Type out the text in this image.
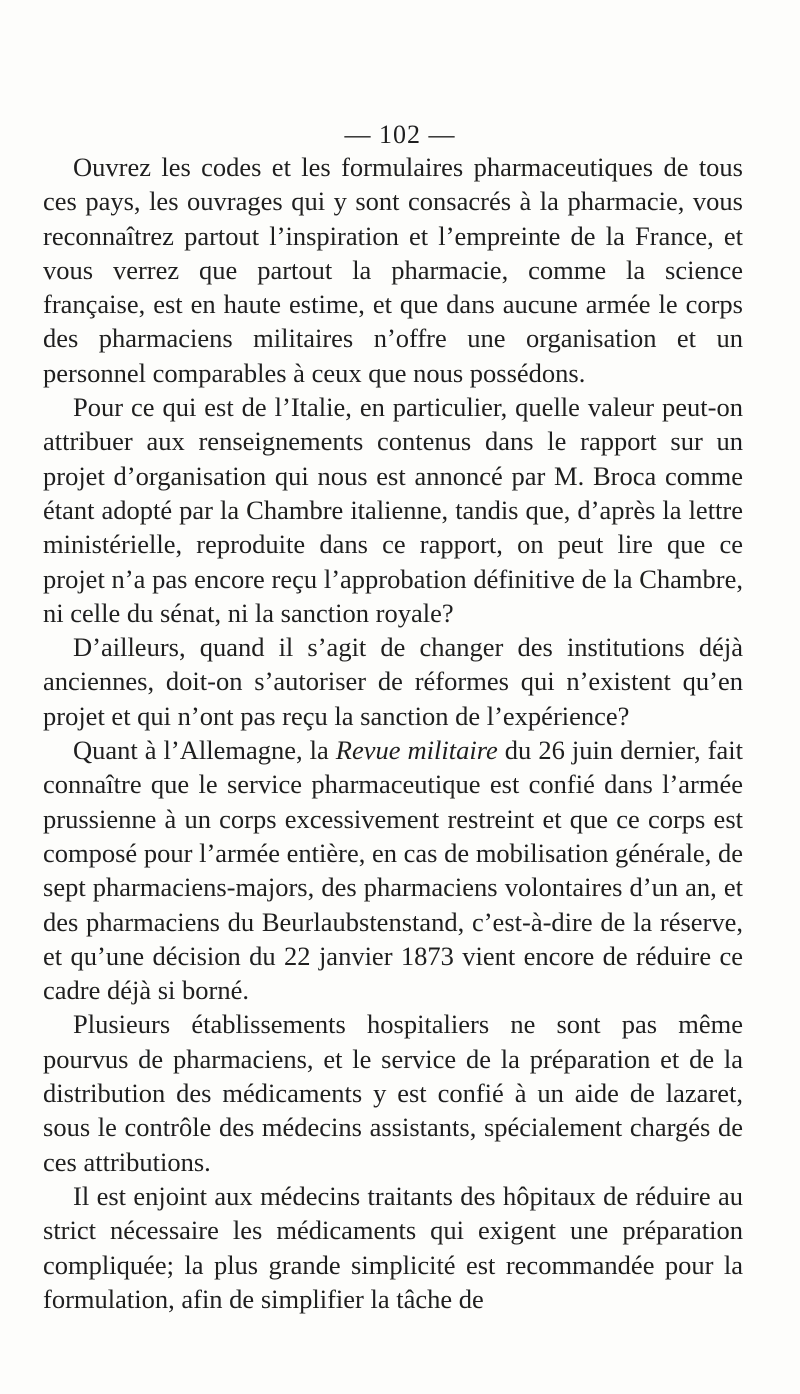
— 102 —

Ouvrez les codes et les formulaires pharmaceutiques de tous ces pays, les ouvrages qui y sont consacrés à la pharmacie, vous reconnaîtrez partout l’inspiration et l’empreinte de la France, et vous verrez que partout la pharmacie, comme la science française, est en haute estime, et que dans aucune armée le corps des pharmaciens militaires n’offre une organisation et un personnel comparables à ceux que nous possédons.

Pour ce qui est de l’Italie, en particulier, quelle valeur peut-on attribuer aux renseignements contenus dans le rapport sur un projet d’organisation qui nous est annoncé par M. Broca comme étant adopté par la Chambre italienne, tandis que, d’après la lettre ministérielle, reproduite dans ce rapport, on peut lire que ce projet n’a pas encore reçu l’approbation définitive de la Chambre, ni celle du sénat, ni la sanction royale?

D’ailleurs, quand il s’agit de changer des institutions déjà anciennes, doit-on s’autoriser de réformes qui n’existent qu’en projet et qui n’ont pas reçu la sanction de l’expérience?

Quant à l’Allemagne, la Revue militaire du 26 juin dernier, fait connaître que le service pharmaceutique est confié dans l’armée prussienne à un corps excessivement restreint et que ce corps est composé pour l’armée entière, en cas de mobilisation générale, de sept pharmaciens-majors, des pharmaciens volontaires d’un an, et des pharmaciens du Beurlaubstenstand, c’est-à-dire de la réserve, et qu’une décision du 22 janvier 1873 vient encore de réduire ce cadre déjà si borné.

Plusieurs établissements hospitaliers ne sont pas même pourvus de pharmaciens, et le service de la préparation et de la distribution des médicaments y est confié à un aide de lazaret, sous le contrôle des médecins assistants, spécialement chargés de ces attributions.

Il est enjoint aux médecins traitants des hôpitaux de réduire au strict nécessaire les médicaments qui exigent une préparation compliquée; la plus grande simplicité est recommandée pour la formulation, afin de simplifier la tâche de
